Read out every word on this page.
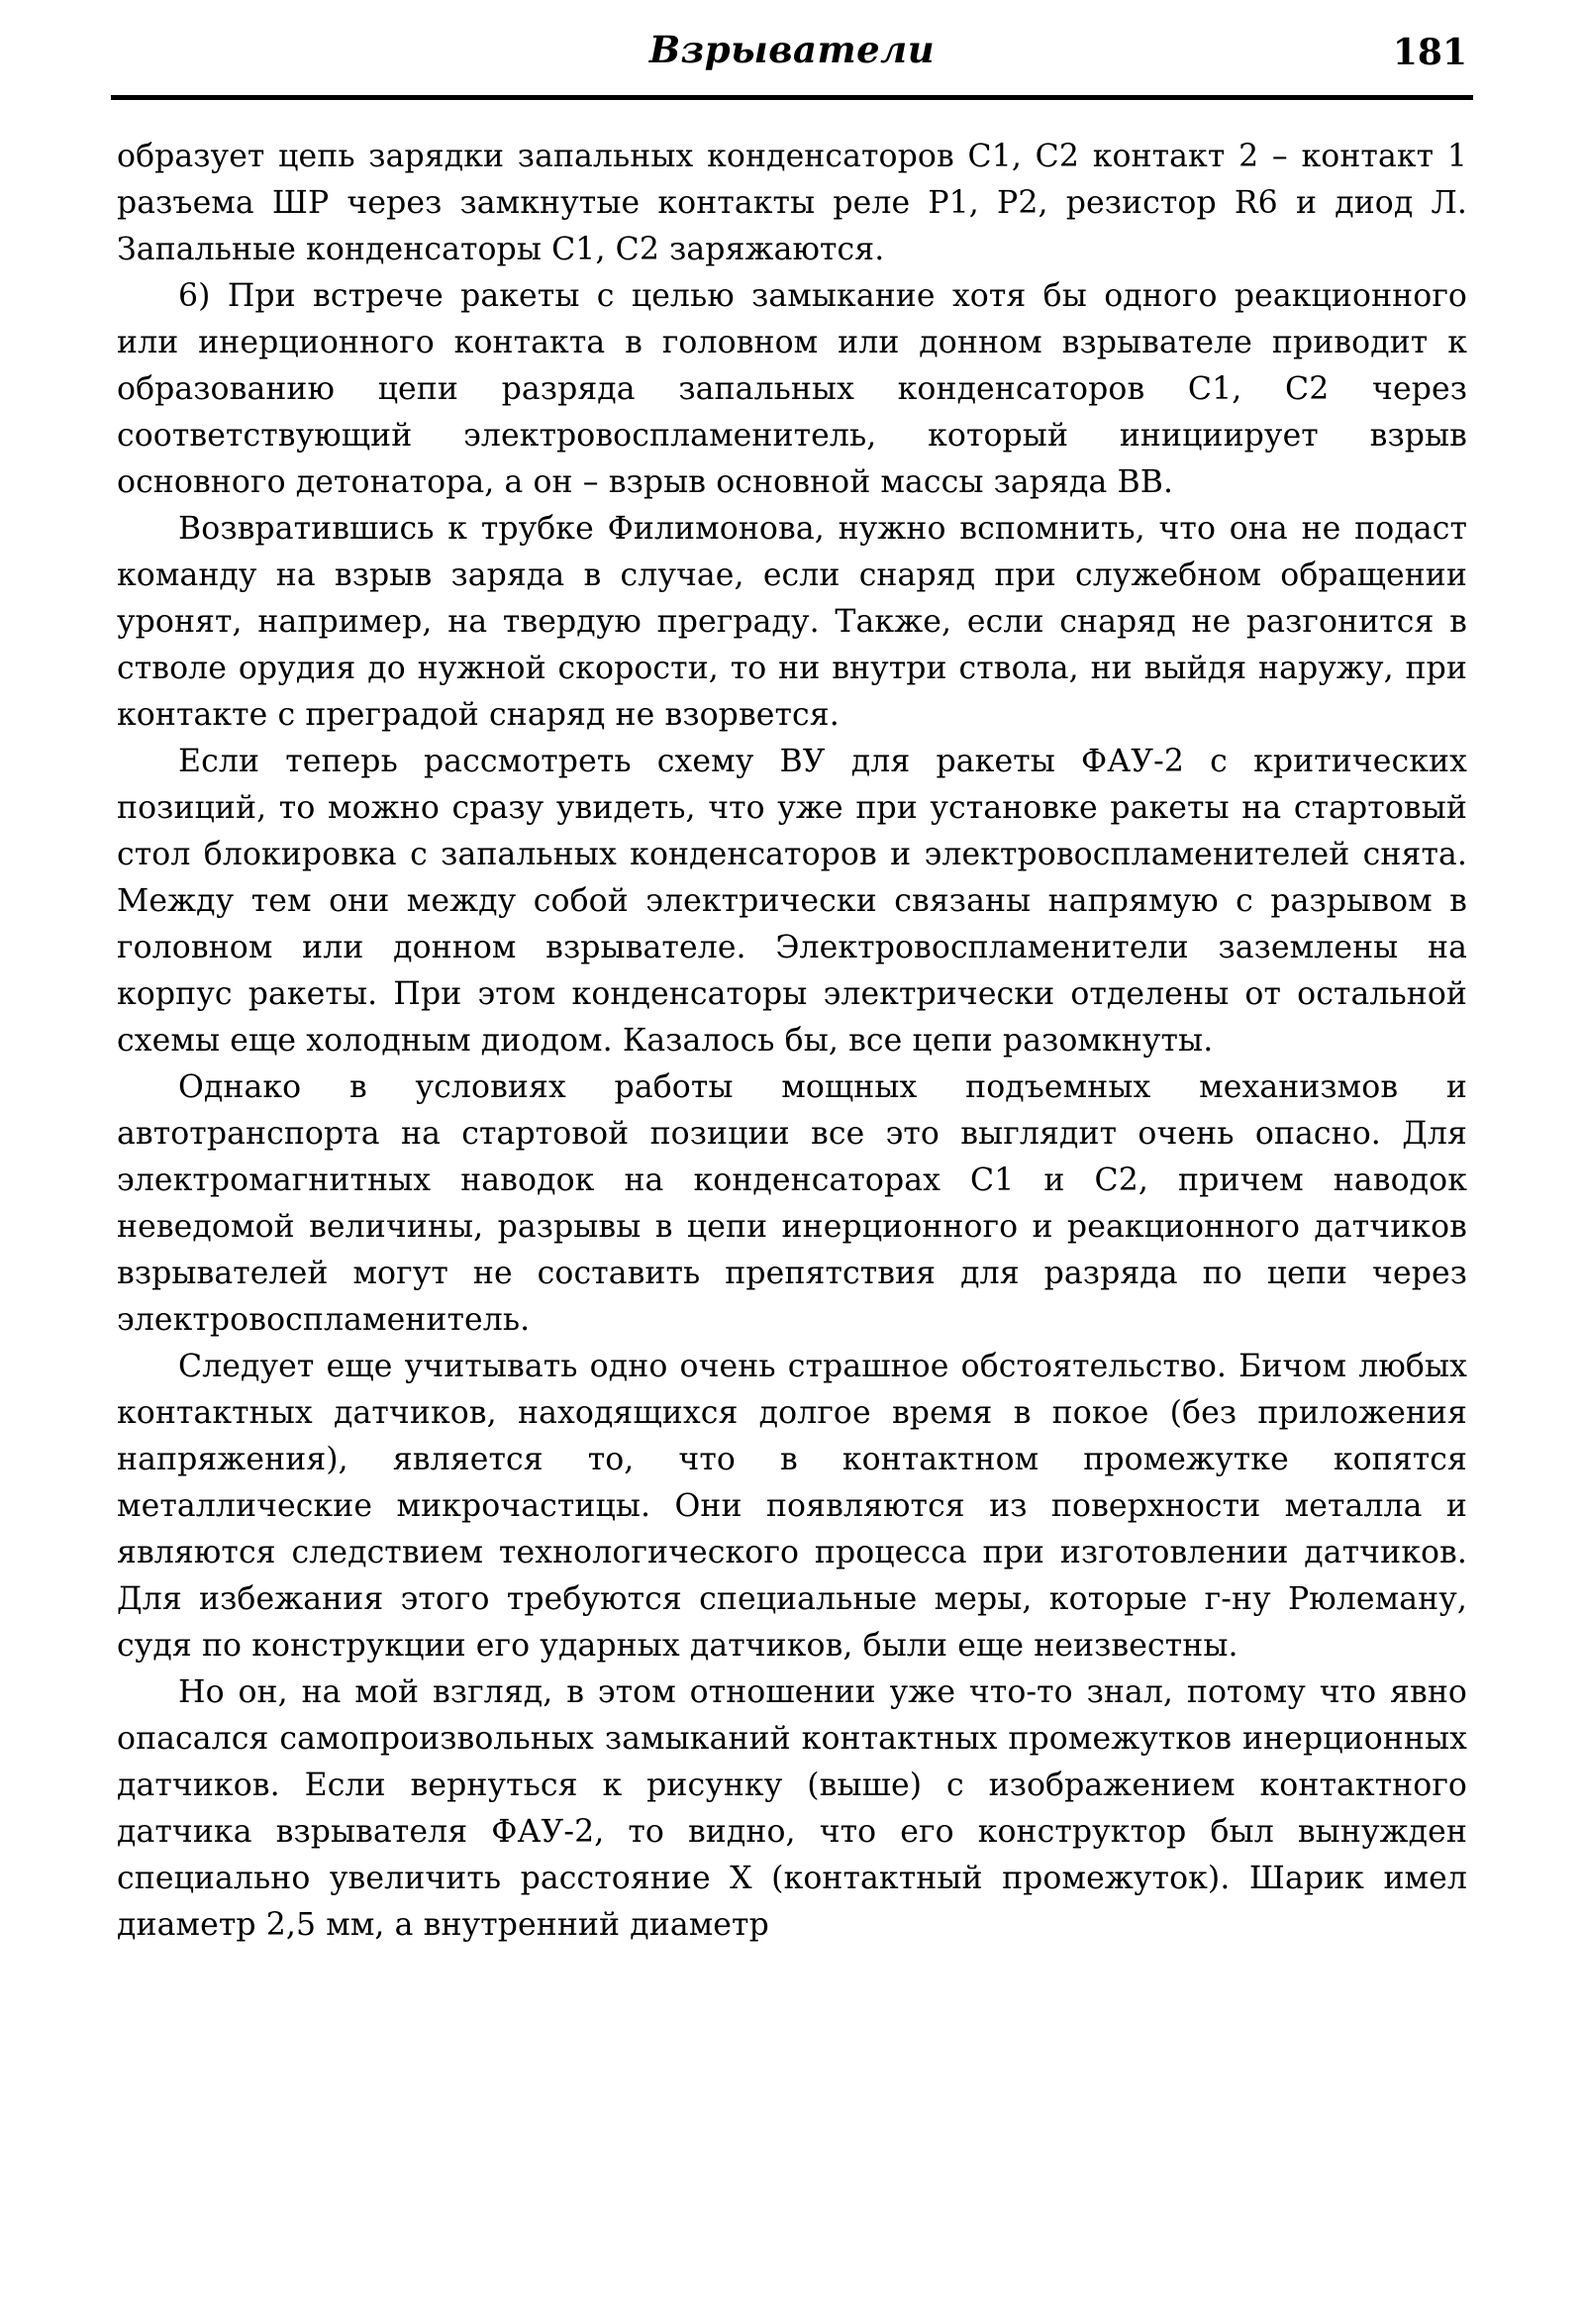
Взрыватели	181

образует цепь зарядки запальных конденсаторов С1, С2 контакт 2 – контакт 1 разъема ШР через замкнутые контакты реле Р1, Р2, резистор R6 и диод Л. Запальные конденсаторы С1, С2 заряжаются.

6) При встрече ракеты с целью замыкание хотя бы одного реакционного или инерционного контакта в головном или донном взрывателе приводит к образованию цепи разряда запальных конденсаторов С1, С2 через соответствующий электровоспламенитель, который инициирует взрыв основного детонатора, а он – взрыв основной массы заряда ВВ.

Возвратившись к трубке Филимонова, нужно вспомнить, что она не подаст команду на взрыв заряда в случае, если снаряд при служебном обращении уронят, например, на твердую преграду. Также, если снаряд не разгонится в стволе орудия до нужной скорости, то ни внутри ствола, ни выйдя наружу, при контакте с преградой снаряд не взорвется.

Если теперь рассмотреть схему ВУ для ракеты ФАУ-2 с критических позиций, то можно сразу увидеть, что уже при установке ракеты на стартовый стол блокировка с запальных конденсаторов и электровоспламенителей снята. Между тем они между собой электрически связаны напрямую с разрывом в головном или донном взрывателе. Электровоспламенители заземлены на корпус ракеты. При этом конденсаторы электрически отделены от остальной схемы еще холодным диодом. Казалось бы, все цепи разомкнуты.

Однако в условиях работы мощных подъемных механизмов и автотранспорта на стартовой позиции все это выглядит очень опасно. Для электромагнитных наводок на конденсаторах С1 и С2, причем наводок неведомой величины, разрывы в цепи инерционного и реакционного датчиков взрывателей могут не составить препятствия для разряда по цепи через электровоспламенитель.

Следует еще учитывать одно очень страшное обстоятельство. Бичом любых контактных датчиков, находящихся долгое время в покое (без приложения напряжения), является то, что в контактном промежутке копятся металлические микрочастицы. Они появляются из поверхности металла и являются следствием технологического процесса при изготовлении датчиков. Для избежания этого требуются специальные меры, которые г-ну Рюлеману, судя по конструкции его ударных датчиков, были еще неизвестны.

Но он, на мой взгляд, в этом отношении уже что-то знал, потому что явно опасался самопроизвольных замыканий контактных промежутков инерционных датчиков. Если вернуться к рисунку (выше) с изображением контактного датчика взрывателя ФАУ-2, то видно, что его конструктор был вынужден специально увеличить расстояние X (контактный промежуток). Шарик имел диаметр 2,5 мм, а внутренний диаметр
